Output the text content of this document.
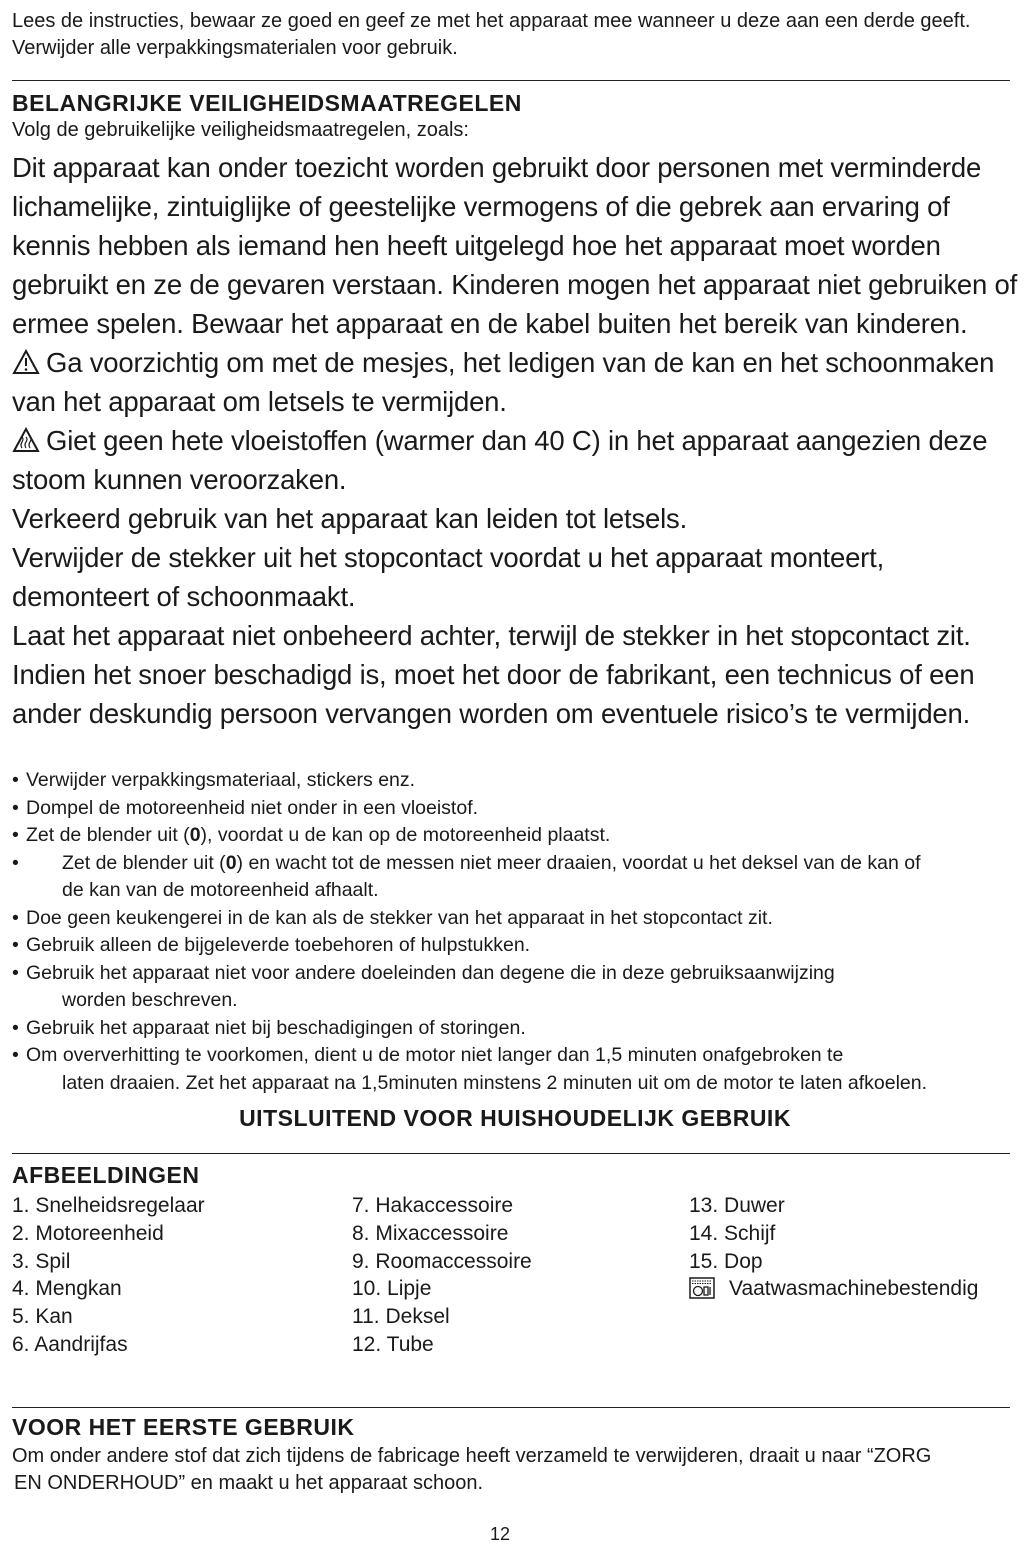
Lees de instructies, bewaar ze goed en geef ze met het apparaat mee wanneer u deze aan een derde geeft. Verwijder alle verpakkingsmaterialen voor gebruik.

BELANGRIJKE VEILIGHEIDSMAATREGELEN
Volg de gebruikelijke veiligheidsmaatregelen, zoals:

Dit apparaat kan onder toezicht worden gebruikt door personen met verminderde lichamelijke, zintuiglijke of geestelijke vermogens of die gebrek aan ervaring of kennis hebben als iemand hen heeft uitgelegd hoe het apparaat moet worden gebruikt en ze de gevaren verstaan. Kinderen mogen het apparaat niet gebruiken of ermee spelen. Bewaar het apparaat en de kabel buiten het bereik van kinderen.

Ga voorzichtig om met de mesjes, het ledigen van de kan en het schoonmaken van het apparaat om letsels te vermijden.

Giet geen hete vloeistoffen (warmer dan 40 C) in het apparaat aangezien deze stoom kunnen veroorzaken.

Verkeerd gebruik van het apparaat kan leiden tot letsels.

Verwijder de stekker uit het stopcontact voordat u het apparaat monteert, demonteert of schoonmaakt.

Laat het apparaat niet onbeheerd achter, terwijl de stekker in het stopcontact zit.

Indien het snoer beschadigd is, moet het door de fabrikant, een technicus of een ander deskundig persoon vervangen worden om eventuele risico’s te vermijden.

• Verwijder verpakkingsmateriaal, stickers enz.
• Dompel de motoreenheid niet onder in een vloeistof.
• Zet de blender uit (0), voordat u de kan op de motoreenheid plaatst.
• Zet de blender uit (0) en wacht tot de messen niet meer draaien, voordat u het deksel van de kan of
de kan van de motoreenheid afhaalt.
• Doe geen keukengerei in de kan als de stekker van het apparaat in het stopcontact zit.
• Gebruik alleen de bijgeleverde toebehoren of hulpstukken.
• Gebruik het apparaat niet voor andere doeleinden dan degene die in deze gebruiksaanwijzing
worden beschreven.
• Gebruik het apparaat niet bij beschadigingen of storingen.
• Om oververhitting te voorkomen, dient u de motor niet langer dan 1,5 minuten onafgebroken te
laten draaien. Zet het apparaat na 1,5minuten minstens 2 minuten uit om de motor te laten afkoelen.
UITSLUITEND VOOR HUISHOUDELIJK GEBRUIK
AFBEELDINGEN
1. Snelheidsregelaar
2. Motoreenheid
3. Spil
4. Mengkan
5. Kan
6. Aandrijfas
7. Hakaccessoire
8. Mixaccessoire
9. Roomaccessoire
10. Lipje
11. Deksel
12. Tube
13. Duwer
14. Schijf
15. Dop
Vaatwasmachinebestendig
VOOR HET EERSTE GEBRUIK
Om onder andere stof dat zich tijdens de fabricage heeft verzameld te verwijderen, draait u naar “ZORG
EN ONDERHOUD” en maakt u het apparaat schoon.
12
